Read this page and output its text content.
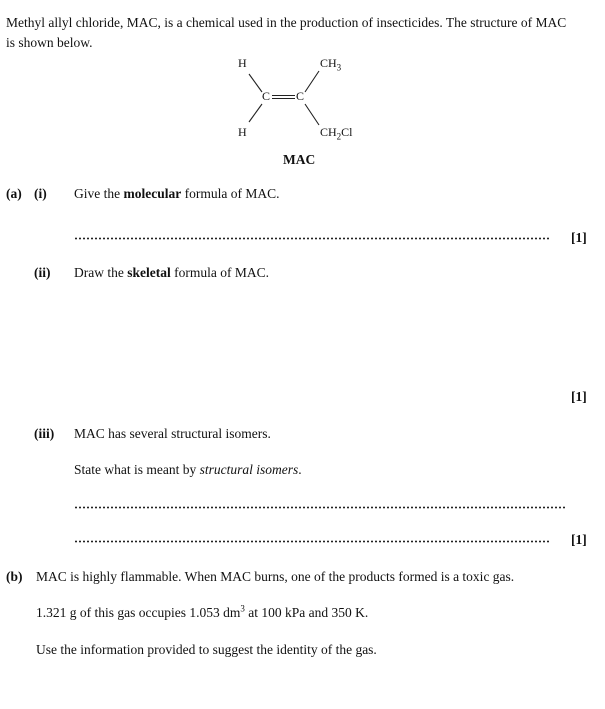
Methyl allyl chloride, MAC, is a chemical used in the production of insecticides. The structure of MAC
is shown below.
H
H
C C
$CH_3$
$CH_2Cl$
MAC
(a) (i) Give the molecular formula of MAC.
[1]
(ii) Draw the skeletal formula of MAC.
[1]
(iii) MAC has several structural isomers.
State what is meant by structural isomers.
[1]
(b) MAC is highly flammable. When MAC burns, one of the products formed is a toxic gas.
1.321 g of this gas occupies 1.053 $dm^3$ at 100 kPa and 350 K.
Use the information provided to suggest the identity of the gas.
